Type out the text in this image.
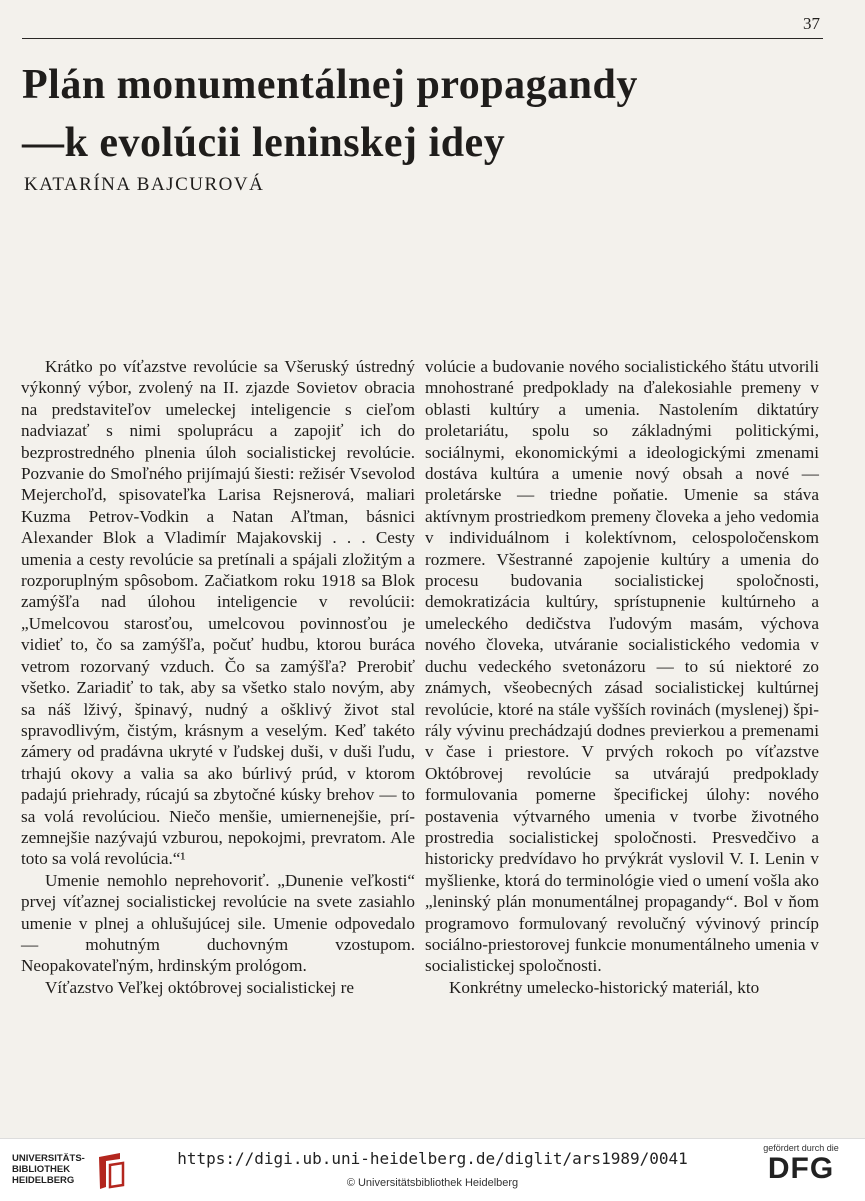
37
Plán monumentálnej propagandy
—k evolúcii leninskej idey
KATARÍNA BAJCUROVÁ

Krátko po víťazstve revolúcie sa Všeruský ústredný výkonný výbor, zvolený na II. zjazde Sovietov obracia na predstaviteľov umeleckej inteligencie s cieľom nadviazať s nimi spoluprácu a zapojiť ich do bezprostredného plnenia úloh socialistickej revolúcie. Pozvanie do Smoľného prijímajú šiesti: režisér Vsevolod Mejerchoľd, spisovateľka Larisa Rejsnerová, maliari Kuzma Petrov-Vodkin a Natan Aľtman, básnici Alexander Blok a Vladimír Majakovskij . . . Cesty umenia a cesty revolúcie sa pretínali a spájali zložitým a rozporuplným spôsobom. Začiatkom roku 1918 sa Blok zamýšľa nad úlohou inteligencie v revolúcii: „Umelcovou starosťou, umelcovou povinnosťou je vidieť to, čo sa zamýšľa, počuť hudbu, ktorou buráca vetrom rozorvaný vzduch. Čo sa zamýšľa? Prerobiť všetko. Zariadiť to tak, aby sa všetko stalo novým, aby sa náš lživý, špinavý, nudný a ošklivý život stal spravodlivým, čistým, krásnym a veselým. Keď takéto zámery od pradávna ukryté v ľudskej duši, v duši ľudu, trhajú okovy a valia sa ako búrlivý prúd, v ktorom padajú priehrady, rúcajú sa zbytočné kúsky brehov — to sa volá revolúciou. Niečo menšie, umiernenejšie, prízemnejšie nazývajú vzburou, nepokojmi, prevratom. Ale toto sa volá revolúcia.“¹

Umenie nemohlo neprehovoriť. „Dunenie veľkosti“ prvej víťaznej socialistickej revolúcie na svete zasiahlo umenie v plnej a ohlušujúcej sile. Umenie odpovedalo — mohutným duchovným vzostupom. Neopakovateľným, hrdinským prológom.

Víťazstvo Veľkej októbrovej socialistickej re

volúcie a budovanie nového socialistického štátu utvorili mnohostrané predpoklady na ďalekosiahle premeny v oblasti kultúry a umenia. Nastolením diktatúry proletariátu, spolu so základnými politickými, sociálnymi, ekonomickými a ideologickými zmenami dostáva kultúra a umenie nový obsah a nové — proletárske — triedne poňatie. Umenie sa stáva aktívnym prostriedkom premeny človeka a jeho vedomia v individuálnom i kolektívnom, celospoločenskom rozmere. Všestranné zapojenie kultúry a umenia do procesu budovania socialistickej spoločnosti, demokratizácia kultúry, sprístupnenie kultúrneho a umeleckého dedičstva ľudovým masám, výchova nového človeka, utváranie socialistického vedomia v duchu vedeckého svetonázoru — to sú niektoré zo známych, všeobecných zásad socialistickej kultúrnej revolúcie, ktoré na stále vyšších rovinách (myslenej) špirály vývinu prechádzajú dodnes previerkou a premenami v čase i priestore. V prvých rokoch po víťazstve Októbrovej revolúcie sa utvárajú predpoklady formulovania pomerne špecifickej úlohy: nového postavenia výtvarného umenia v tvorbe životného prostredia socialistickej spoločnosti. Presvedčivo a historicky predvídavo ho prvýkrát vyslovil V. I. Lenin v myšlienke, ktorá do terminológie vied o umení vošla ako „leninský plán monumentálnej propagandy“. Bol v ňom programovo formulovaný revolučný vývinový princíp sociálno-priestorovej funkcie monumentálneho umenia v socialistickej spoločnosti.

Konkrétny umelecko-historický materiál, kto

UNIVERSITÄTS-
BIBLIOTHEK
HEIDELBERG
https://digi.ub.uni-heidelberg.de/diglit/ars1989/0041
© Universitätsbibliothek Heidelberg
gefördert durch die
DFG
